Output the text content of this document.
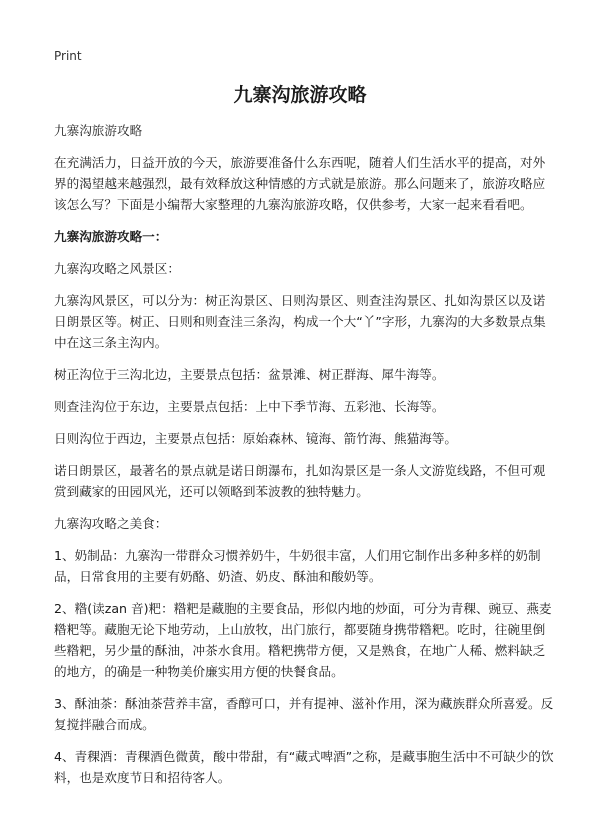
Print
九寨沟旅游攻略

九寨沟旅游攻略

在充满活力，日益开放的今天，旅游要准备什么东西呢，随着人们生活水平的提高，对外界的渴望越来越强烈，最有效释放这种情感的方式就是旅游。那么问题来了，旅游攻略应该怎么写？下面是小编帮大家整理的九寨沟旅游攻略，仅供参考，大家一起来看看吧。

九寨沟旅游攻略一：

九寨沟攻略之风景区：

九寨沟风景区，可以分为：树正沟景区、日则沟景区、则查洼沟景区、扎如沟景区以及诺日朗景区等。树正、日则和则查洼三条沟，构成一个大“丫”字形，九寨沟的大多数景点集中在这三条主沟内。

树正沟位于三沟北边，主要景点包括：盆景滩、树正群海、犀牛海等。

则查洼沟位于东边，主要景点包括：上中下季节海、五彩池、长海等。

日则沟位于西边，主要景点包括：原始森林、镜海、箭竹海、熊猫海等。

诺日朗景区，最著名的景点就是诺日朗瀑布，扎如沟景区是一条人文游览线路，不但可观赏到藏家的田园风光，还可以领略到苯波教的独特魅力。

九寨沟攻略之美食：

1、奶制品：九寨沟一带群众习惯养奶牛，牛奶很丰富，人们用它制作出多种多样的奶制品，日常食用的主要有奶酪、奶渣、奶皮、酥油和酸奶等。

2、糌(读zan 音)粑：糌粑是藏胞的主要食品，形似内地的炒面，可分为青稞、豌豆、燕麦糌粑等。藏胞无论下地劳动，上山放牧，出门旅行，都要随身携带糌粑。吃时，往碗里倒些糌粑，另少量的酥油，冲茶水食用。糌粑携带方便，又是熟食，在地广人稀、燃料缺乏的地方，的确是一种物美价廉实用方便的快餐食品。

3、酥油茶：酥油茶营养丰富，香醇可口，并有提神、滋补作用，深为藏族群众所喜爱。反复搅拌融合而成。

4、青稞酒：青稞酒色微黄，酸中带甜，有“藏式啤酒”之称，是藏事胞生活中不可缺少的饮料，也是欢度节日和招待客人。
